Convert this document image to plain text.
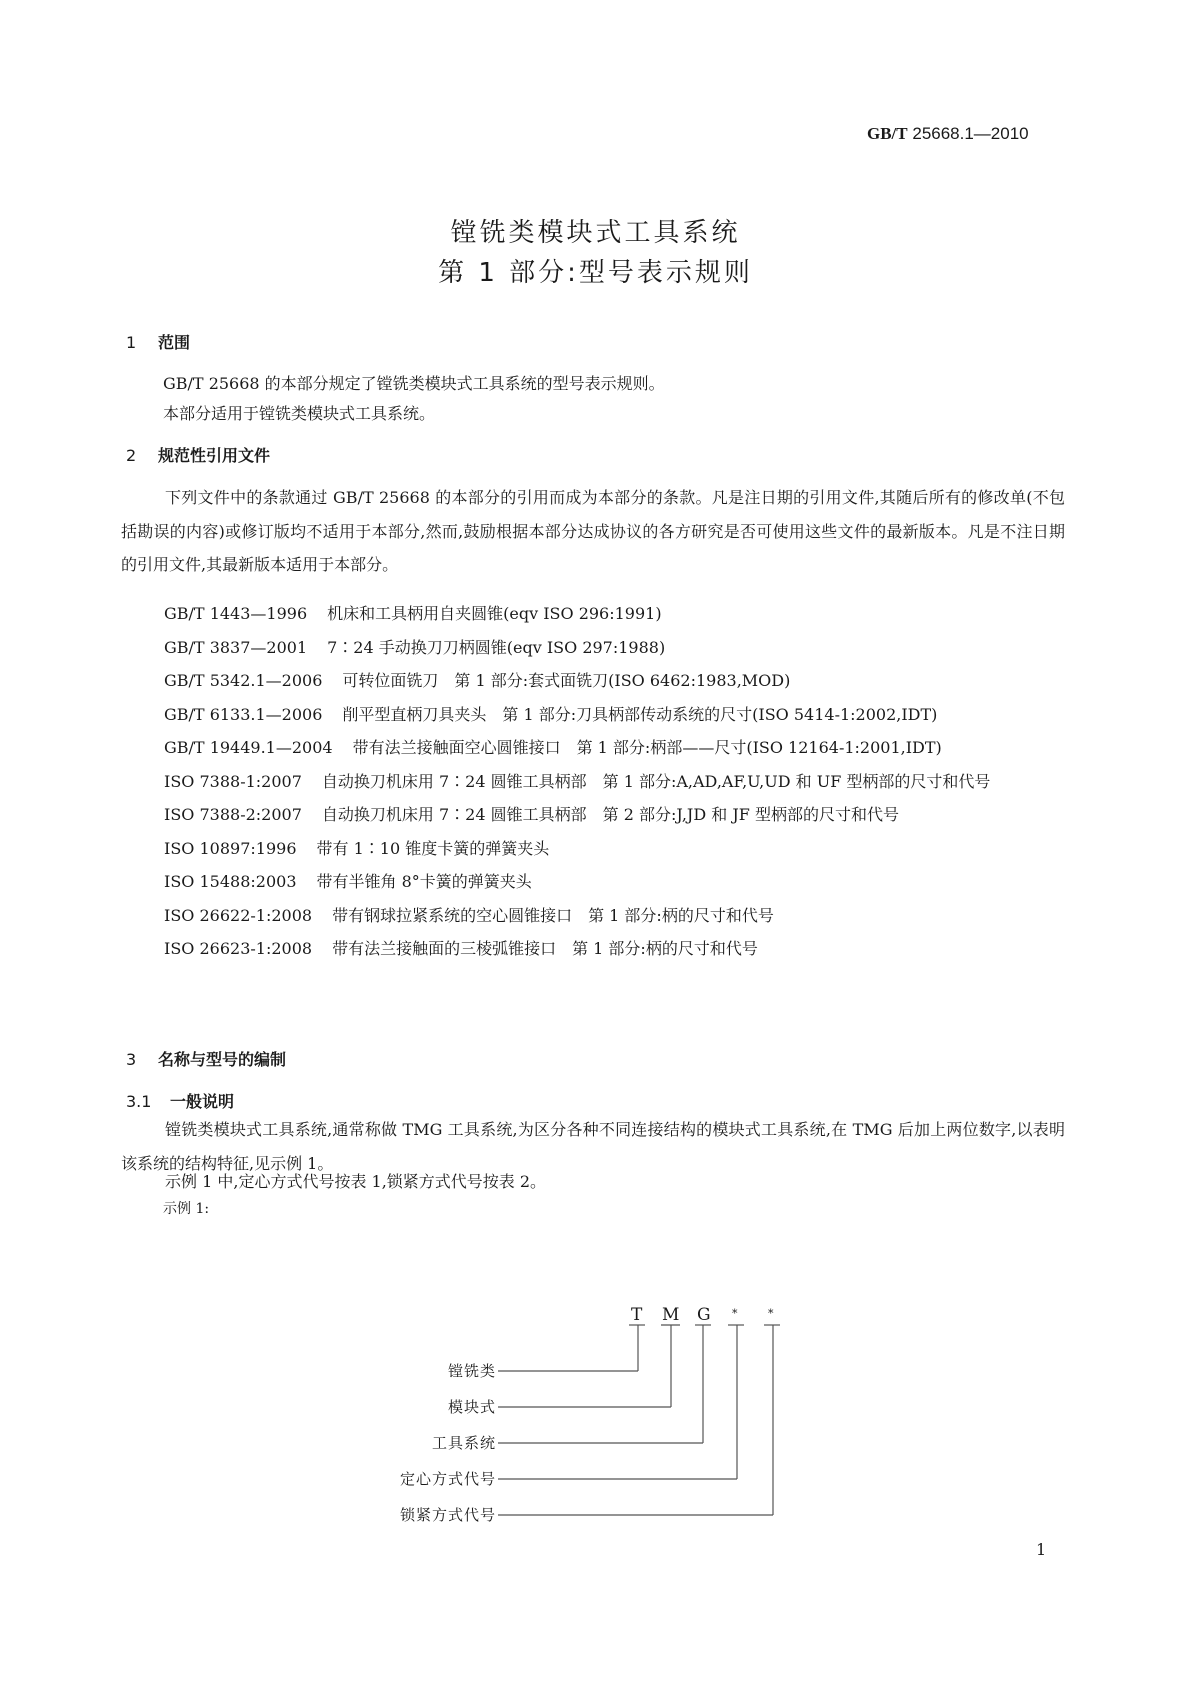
GB/T 25668.1—2010
镗铣类模块式工具系统
第 1 部分:型号表示规则
1 范围
GB/T 25668 的本部分规定了镗铣类模块式工具系统的型号表示规则。
本部分适用于镗铣类模块式工具系统。
2 规范性引用文件
下列文件中的条款通过 GB/T 25668 的本部分的引用而成为本部分的条款。凡是注日期的引用文件,其随后所有的修改单(不包括勘误的内容)或修订版均不适用于本部分,然而,鼓励根据本部分达成协议的各方研究是否可使用这些文件的最新版本。凡是不注日期的引用文件,其最新版本适用于本部分。
GB/T 1443—1996 机床和工具柄用自夹圆锥(eqv ISO 296:1991)
GB/T 3837—2001 7∶24 手动换刀刀柄圆锥(eqv ISO 297:1988)
GB/T 5342.1—2006 可转位面铣刀　第 1 部分:套式面铣刀(ISO 6462:1983,MOD)
GB/T 6133.1—2006 削平型直柄刀具夹头　第 1 部分:刀具柄部传动系统的尺寸(ISO 5414-1:2002,IDT)
GB/T 19449.1—2004 带有法兰接触面空心圆锥接口　第 1 部分:柄部——尺寸(ISO 12164-1:2001,IDT)
ISO 7388-1:2007 自动换刀机床用 7∶24 圆锥工具柄部　第 1 部分:A,AD,AF,U,UD 和 UF 型柄部的尺寸和代号
ISO 7388-2:2007 自动换刀机床用 7∶24 圆锥工具柄部　第 2 部分:J,JD 和 JF 型柄部的尺寸和代号
ISO 10897:1996 带有 1∶10 锥度卡簧的弹簧夹头
ISO 15488:2003 带有半锥角 8°卡簧的弹簧夹头
ISO 26622-1:2008 带有钢球拉紧系统的空心圆锥接口　第 1 部分:柄的尺寸和代号
ISO 26623-1:2008 带有法兰接触面的三棱弧锥接口　第 1 部分:柄的尺寸和代号
3 名称与型号的编制
3.1 一般说明
镗铣类模块式工具系统,通常称做 TMG 工具系统,为区分各种不同连接结构的模块式工具系统,在 TMG 后加上两位数字,以表明该系统的结构特征,见示例 1。
示例 1 中,定心方式代号按表 1,锁紧方式代号按表 2。
示例 1:
T M G *	*
镗铣类
模块式
工具系统
定心方式代号
锁紧方式代号
1
